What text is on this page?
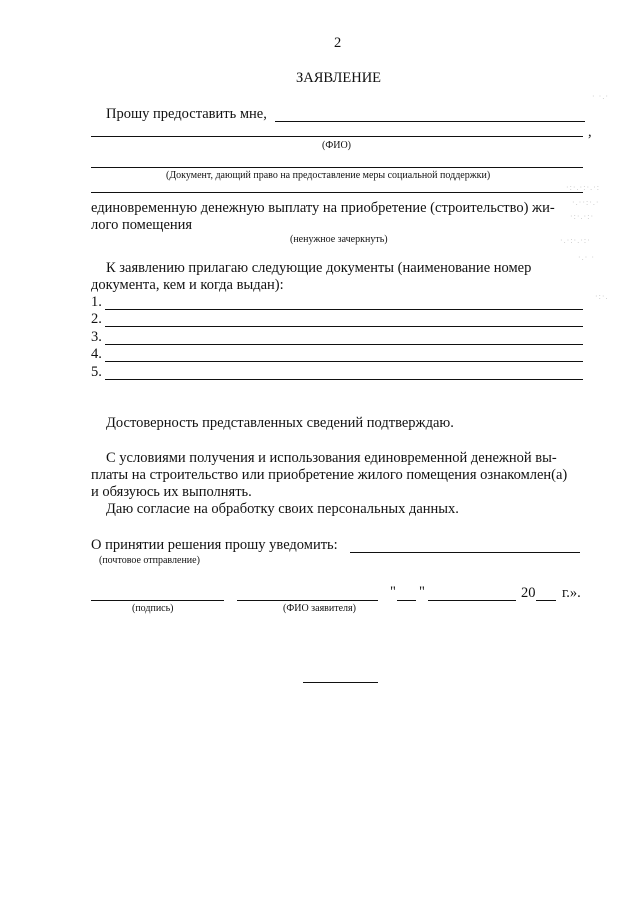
2
ЗАЯВЛЕНИЕ
Прошу предоставить мне,
,
(ФИО)
(Документ, дающий право на предоставление меры социальной поддержки)
единовременную денежную выплату на приобретение (строительство) жи-
лого помещения
(ненужное зачеркнуть)
К заявлению прилагаю следующие документы (наименование номер
документа, кем и когда выдан):
1.
2.
3.
4.
5.
Достоверность представленных сведений подтверждаю.
С условиями получения и использования единовременной денежной вы-
платы на строительство или приобретение жилого помещения ознакомлен(а)
и обязуюсь их выполнять.
Даю согласие на обработку своих персональных данных.
О принятии решения прошу уведомить:
(почтовое отправление)
(подпись)	(ФИО заявителя)
" "	20 г.».
· ·.·
·:·.·:·.·:
·.··:·.·
·:·.·:·
·.·:·.·:·
·.· ·
·:·.
